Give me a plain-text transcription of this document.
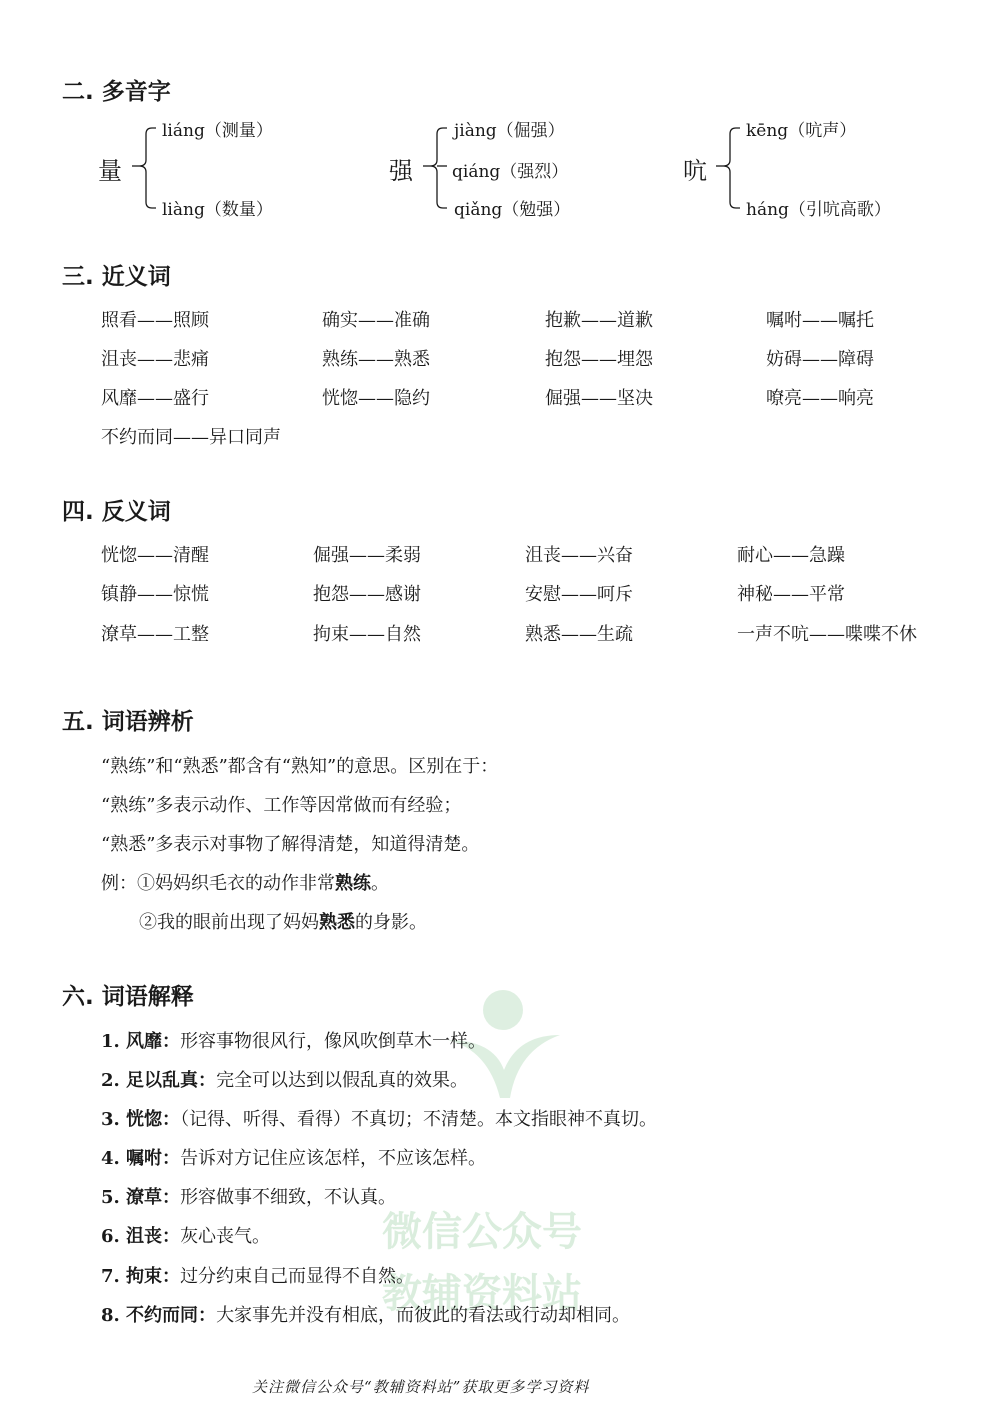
二. 多音字
量
liáng（测量）
liàng（数量）
强
jiàng（倔强）
qiáng（强烈）
qiǎng（勉强）
吭
kēng（吭声）
háng（引吭高歌）
三. 近义词
照看——照顾	确实——准确	抱歉——道歉	嘱咐——嘱托
沮丧——悲痛	熟练——熟悉	抱怨——埋怨	妨碍——障碍
风靡——盛行	恍惚——隐约	倔强——坚决	嘹亮——响亮
不约而同——异口同声
四. 反义词
恍惚——清醒	倔强——柔弱	沮丧——兴奋	耐心——急躁
镇静——惊慌	抱怨——感谢	安慰——呵斥	神秘——平常
潦草——工整	拘束——自然	熟悉——生疏	一声不吭——喋喋不休
五. 词语辨析
“熟练”和“熟悉”都含有“熟知”的意思。区别在于：
“熟练”多表示动作、工作等因常做而有经验；
“熟悉”多表示对事物了解得清楚，知道得清楚。
例：①妈妈织毛衣的动作非常熟练。
②我的眼前出现了妈妈熟悉的身影。
微信公众号
教辅资料站
六. 词语解释
1. 风靡：形容事物很风行，像风吹倒草木一样。
2. 足以乱真：完全可以达到以假乱真的效果。
3. 恍惚：（记得、听得、看得）不真切；不清楚。本文指眼神不真切。
4. 嘱咐：告诉对方记住应该怎样，不应该怎样。
5. 潦草：形容做事不细致，不认真。
6. 沮丧：灰心丧气。
7. 拘束：过分约束自己而显得不自然。
8. 不约而同：大家事先并没有相底，而彼此的看法或行动却相同。
关注微信公众号“教辅资料站”获取更多学习资料
